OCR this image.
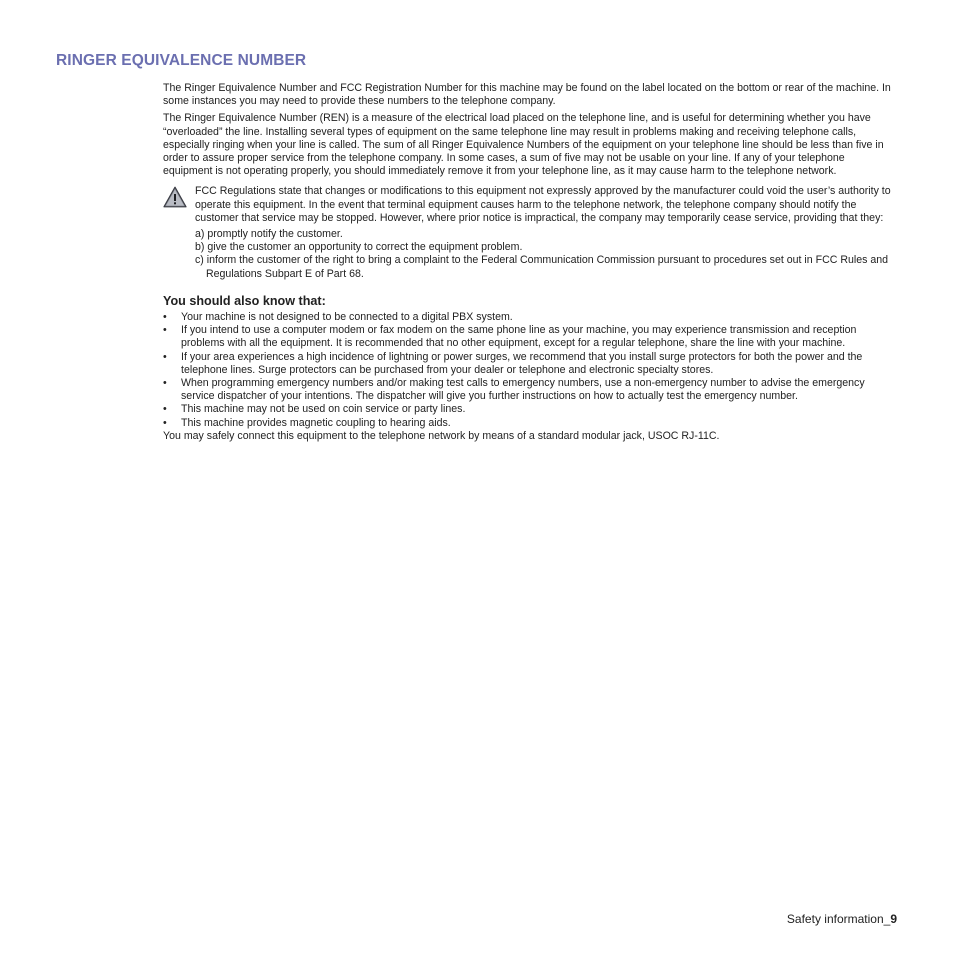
RINGER EQUIVALENCE NUMBER

The Ringer Equivalence Number and FCC Registration Number for this machine may be found on the label located on the bottom or rear of the machine. In some instances you may need to provide these numbers to the telephone company.

The Ringer Equivalence Number (REN) is a measure of the electrical load placed on the telephone line, and is useful for determining whether you have “overloaded” the line. Installing several types of equipment on the same telephone line may result in problems making and receiving telephone calls, especially ringing when your line is called. The sum of all Ringer Equivalence Numbers of the equipment on your telephone line should be less than five in order to assure proper service from the telephone company. In some cases, a sum of five may not be usable on your line. If any of your telephone equipment is not operating properly, you should immediately remove it from your telephone line, as it may cause harm to the telephone network.

FCC Regulations state that changes or modifications to this equipment not expressly approved by the manufacturer could void the user’s authority to operate this equipment. In the event that terminal equipment causes harm to the telephone network, the telephone company should notify the customer that service may be stopped. However, where prior notice is impractical, the company may temporarily cease service, providing that they:

a) promptly notify the customer.
b) give the customer an opportunity to correct the equipment problem.
c) inform the customer of the right to bring a complaint to the Federal Communication Commission pursuant to procedures set out in FCC Rules and Regulations Subpart E of Part 68.
You should also know that:
• Your machine is not designed to be connected to a digital PBX system.
• If you intend to use a computer modem or fax modem on the same phone line as your machine, you may experience transmission and reception problems with all the equipment. It is recommended that no other equipment, except for a regular telephone, share the line with your machine.
• If your area experiences a high incidence of lightning or power surges, we recommend that you install surge protectors for both the power and the telephone lines. Surge protectors can be purchased from your dealer or telephone and electronic specialty stores.
• When programming emergency numbers and/or making test calls to emergency numbers, use a non-emergency number to advise the emergency service dispatcher of your intentions. The dispatcher will give you further instructions on how to actually test the emergency number.
• This machine may not be used on coin service or party lines.
• This machine provides magnetic coupling to hearing aids.

You may safely connect this equipment to the telephone network by means of a standard modular jack, USOC RJ-11C.

Safety information_9
